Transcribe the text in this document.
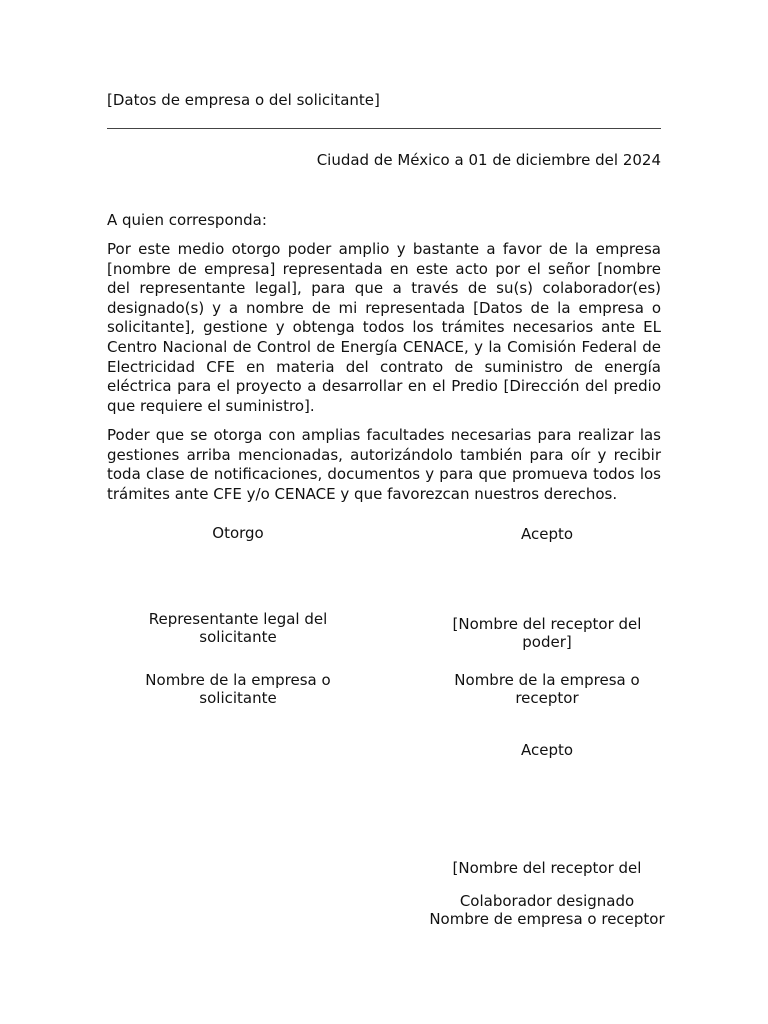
[Datos de empresa o del solicitante]
Ciudad de México a 01 de diciembre del 2024
A quien corresponda:
Por este medio otorgo poder amplio y bastante a favor de la empresa [nombre de empresa] representada en este acto por el señor [nombre del representante legal], para que a través de su(s) colaborador(es) designado(s) y a nombre de mi representada [Datos de la empresa o solicitante], gestione y obtenga todos los trámites necesarios ante EL Centro Nacional de Control de Energía CENACE, y la Comisión Federal de Electricidad CFE en materia del contrato de suministro de energía eléctrica para el proyecto a desarrollar en el Predio [Dirección del predio que requiere el suministro].
Poder que se otorga con amplias facultades necesarias para realizar las gestiones arriba mencionadas, autorizándolo también para oír y recibir toda clase de notificaciones, documentos y para que promueva todos los trámites ante CFE y/o CENACE y que favorezcan nuestros derechos.
Otorgo
Representante legal del solicitante
Nombre de la empresa o solicitante
Acepto
[Nombre del receptor del poder]
Nombre de la empresa o receptor
Acepto
[Nombre del receptor del
Colaborador designado
Nombre de empresa o receptor
